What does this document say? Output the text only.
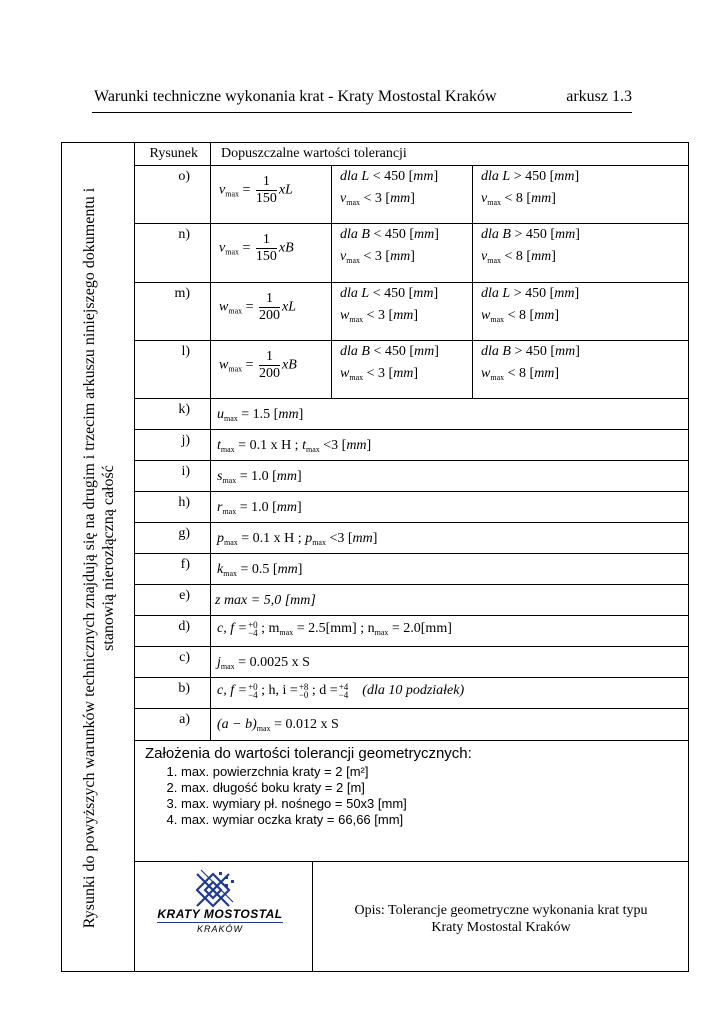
Warunki techniczne wykonania krat - Kraty Mostostal Kraków	arkusz 1.3
Rysunki do powyższych warunków technicznych znajdują się na drugim i trzecim arkuszu niniejszego dokumentu i stanowią nierozłączną całość
Rysunek Dopuszczalne wartości tolerancji
o)
$v_{max} = \frac{1}{150}$ xL
dla L < 450 [mm]
$v_{max} < 3$ [mm]
dla L > 450 [mm]
$v_{max} < 8$ [mm]
n)
$v_{max} = \frac{1}{150}$ xB
dla B < 450 [mm]
$v_{max} < 3$ [mm]
dla B > 450 [mm]
$v_{max} < 8$ [mm]
m)
$w_{max} = \frac{1}{200}$ xL
dla L < 450 [mm]
$w_{max} < 3$ [mm]
dla L > 450 [mm]
$w_{max} < 8$ [mm]
l)
$w_{max} = \frac{1}{200}$ xB
dla B < 450 [mm]
$w_{max} < 3$ [mm]
dla B > 450 [mm]
$w_{max} < 8$ [mm]
k) $u_{max} = 1.5$ [mm]
j) $t_{max} = 0.1$ x H ; $t_{max} <3$ [mm]
i) $s_{max} = 1.0$ [mm]
h) $r_{max} = 1.0$ [mm]
g) $p_{max} = 0.1$ x H ; $p_{max} <3$ [mm]
f) $k_{max} = 0.5$ [mm]
e) z max = 5,0 [mm]
d) c, f =+0
−4 ; $m_{max} = 2.5[mm]$ ; $n_{max} = 2.0[mm]$
c) $j_{max} = 0.0025$ x S
b) c, f =+0
−4 ; h, i =+8
−0 ; d =+4
−4 (dla 10 podziałek)
a) $(a - b)_{max} = 0.012$ x S
Założenia do wartości tolerancji geometrycznych:
1. max. powierzchnia kraty = 2 [m²]
2. max. długość boku kraty = 2 [m]
3. max. wymiary pł. nośnego = 50x3 [mm]
4. max. wymiar oczka kraty = 66,66 [mm]
KRATY MOSTOSTAL
KRAKÓW
Opis: Tolerancje geometryczne wykonania krat typu
Kraty Mostostal Kraków
